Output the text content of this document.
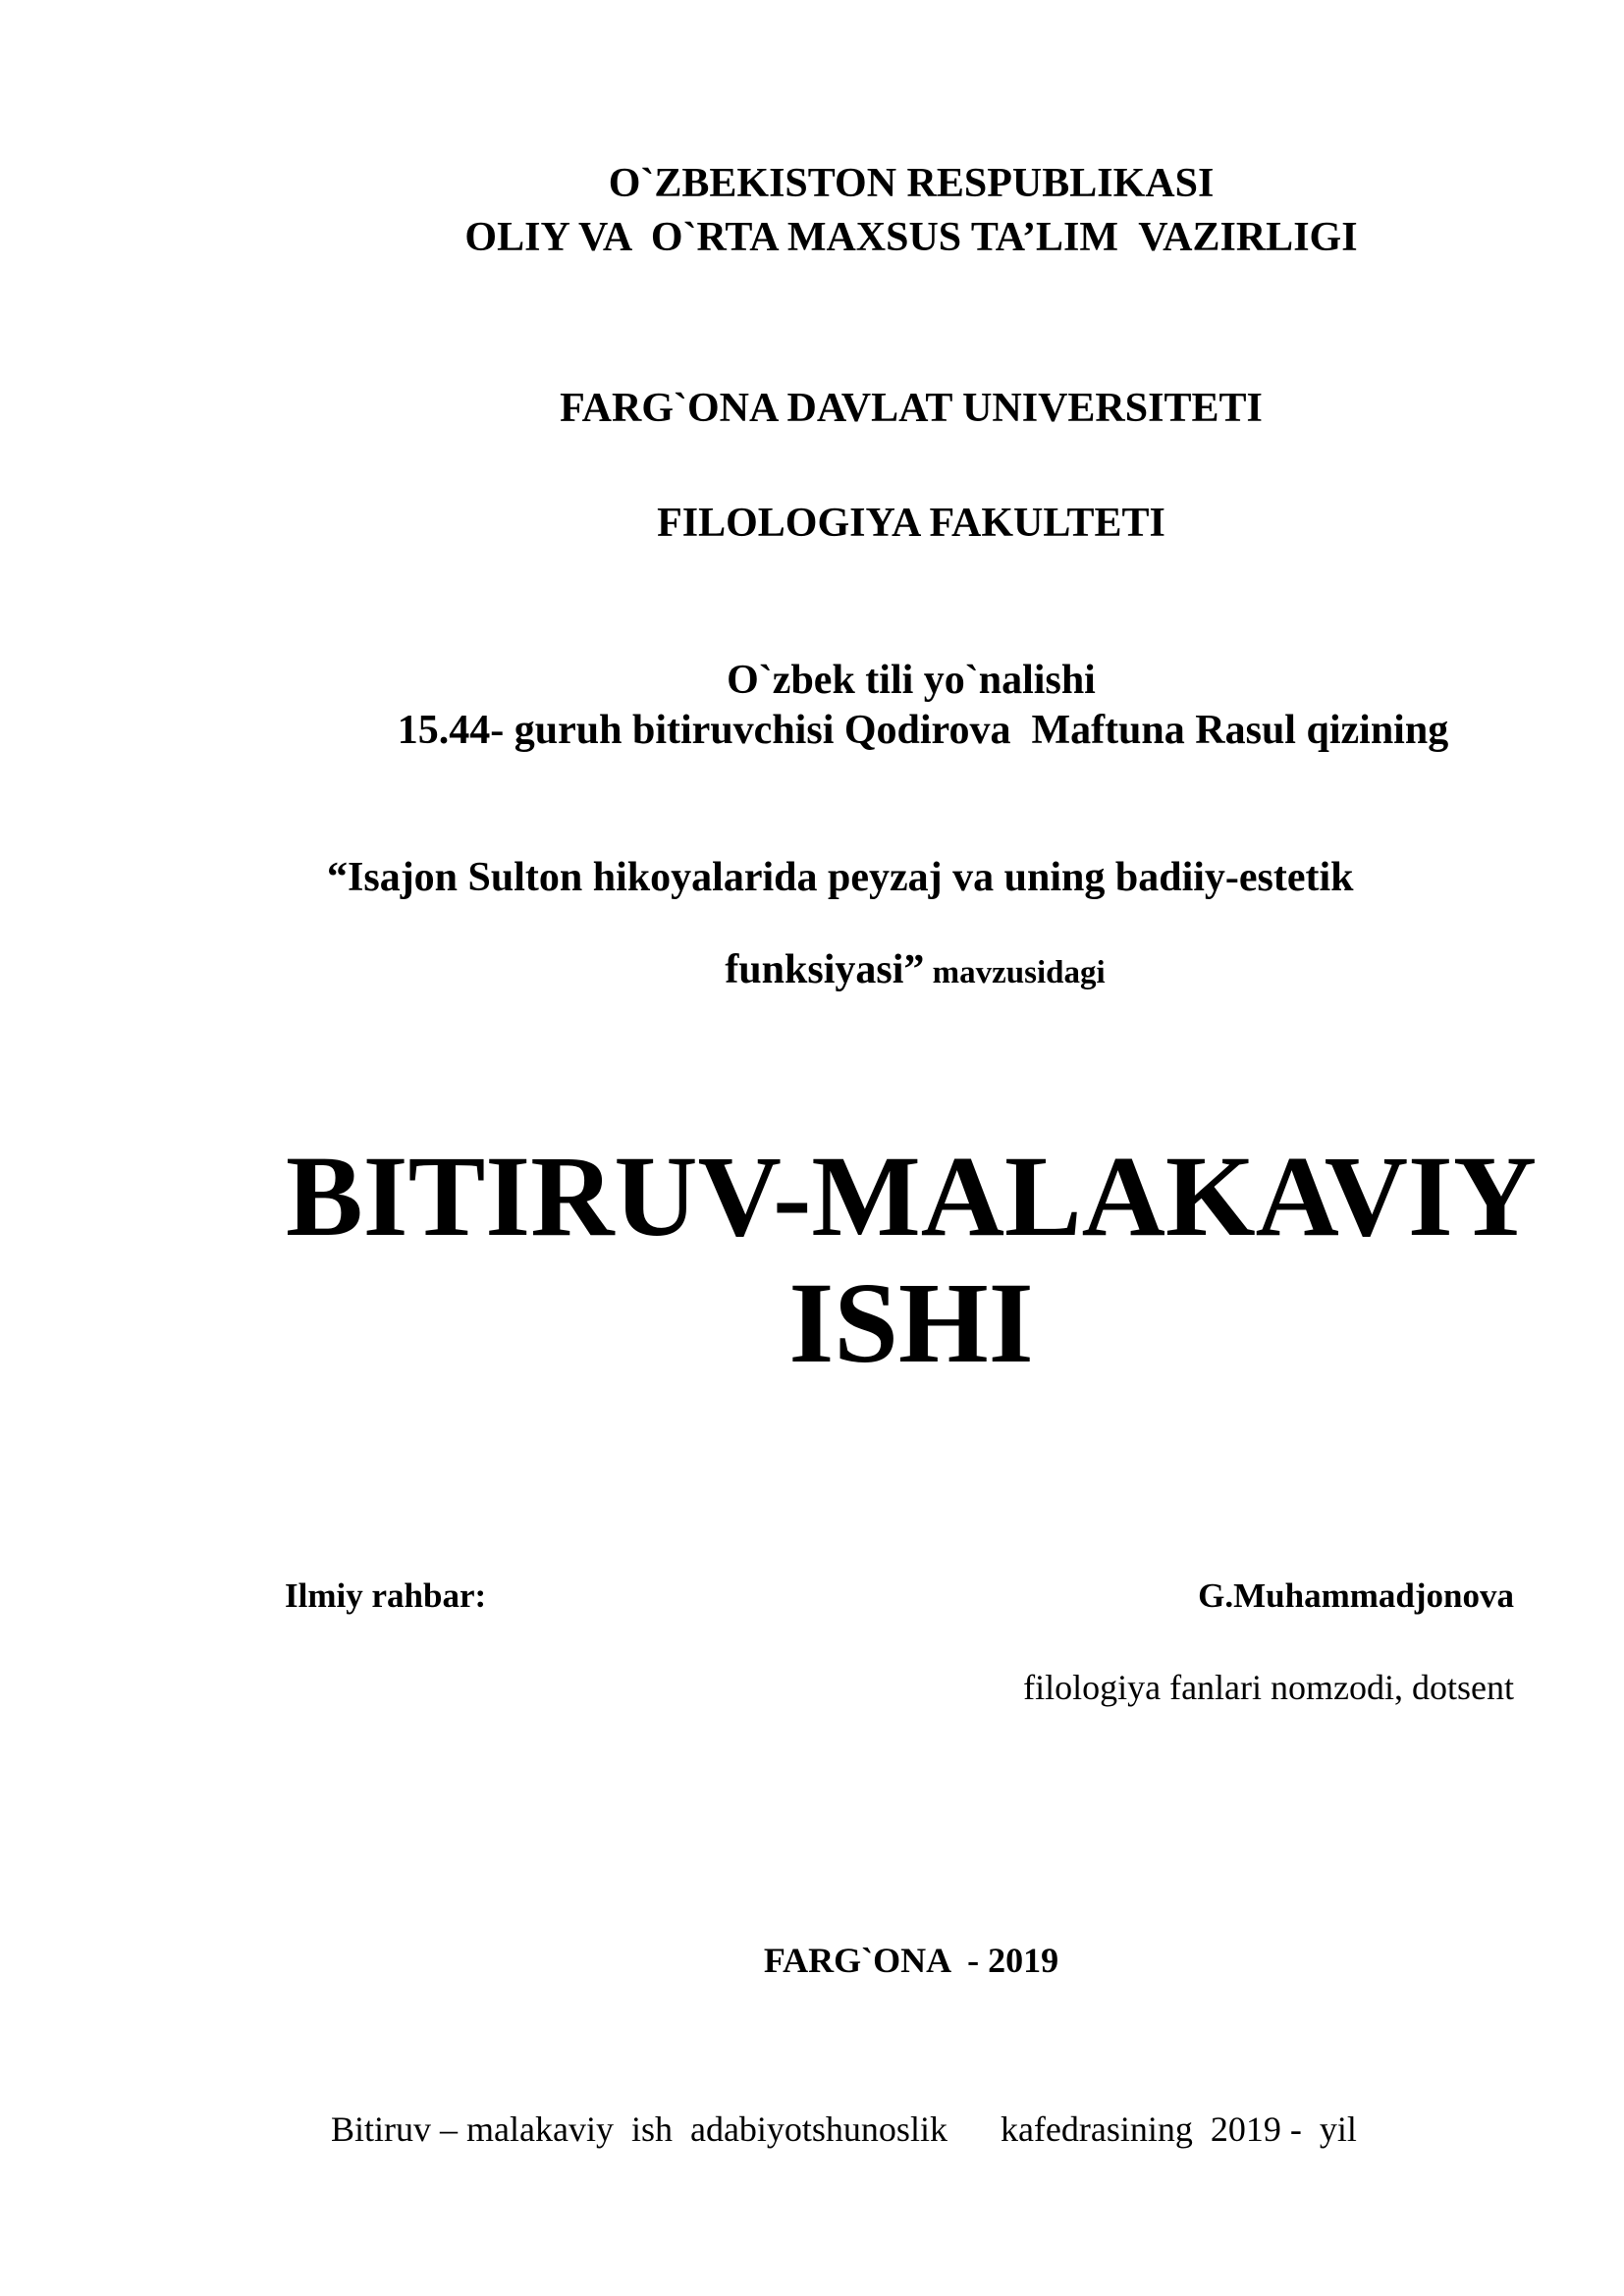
O`ZBEKISTON RESPUBLIKASI
OLIY VA  O`RTA MAXSUS TA’LIM  VAZIRLIGI
FARG`ONA DAVLAT UNIVERSITETI
FILOLOGIYA FAKULTETI
O`zbek tili yo`nalishi
15.44- guruh bitiruvchisi Qodirova  Maftuna Rasul qizining
“Isajon Sulton hikoyalarida peyzaj va uning badiiy-estetik

funksiyasi” mavzusidagi

BITIRUV-MALAKAVIY
ISHI
Ilmiy rahbar:	G.Muhammadjonova
filologiya fanlari nomzodi, dotsent
FARG`ONA  - 2019
Bitiruv – malakaviy  ish  adabiyotshunoslik      kafedrasining  2019 -  yil
